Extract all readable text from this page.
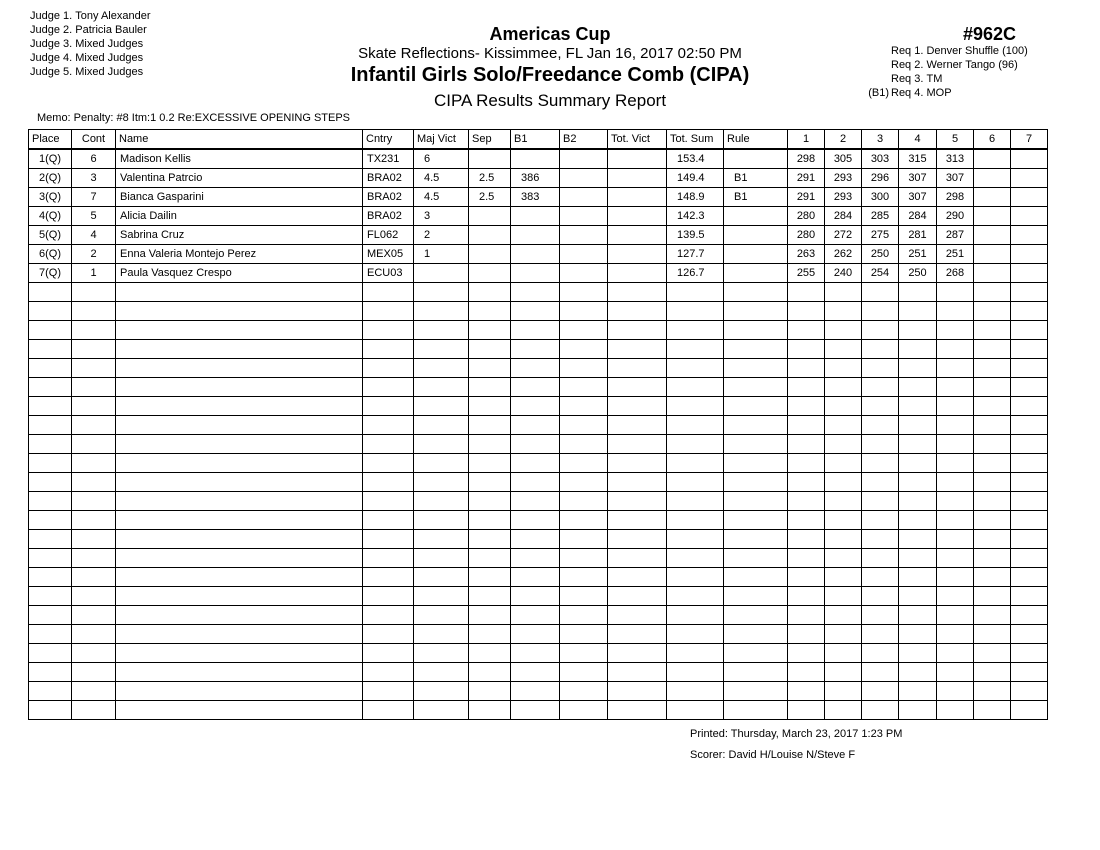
Judge 1. Tony Alexander
Judge 2. Patricia Bauler
Judge 3. Mixed Judges
Judge 4. Mixed Judges
Judge 5. Mixed Judges
Americas Cup
Skate Reflections- Kissimmee, FL Jan 16, 2017 02:50 PM
Infantil Girls Solo/Freedance Comb (CIPA)
CIPA Results Summary Report
#962C
Req 1. Denver Shuffle (100)
Req 2. Werner Tango (96)
Req 3. TM
(B1) Req 4. MOP
Memo: Penalty: #8 Itm:1 0.2 Re:EXCESSIVE OPENING STEPS
Place	Cont	Name	Cntry	Maj Vict	Sep	B1	B2	Tot. Vict	Tot. Sum	Rule	1	2	3	4	5	6	7
1(Q)	6	Madison Kellis	TX231	6					153.4		298	305	303	315	313		
2(Q)	3	Valentina Patrcio	BRA02	4.5	2.5	386			149.4	B1	291	293	296	307	307		
3(Q)	7	Bianca Gasparini	BRA02	4.5	2.5	383			148.9	B1	291	293	300	307	298		
4(Q)	5	Alicia Dailin	BRA02	3					142.3		280	284	285	284	290		
5(Q)	4	Sabrina Cruz	FL062	2					139.5		280	272	275	281	287		
6(Q)	2	Enna Valeria Montejo Perez	MEX05	1					127.7		263	262	250	251	251		
7(Q)	1	Paula Vasquez Crespo	ECU03						126.7		255	240	254	250	268		

Printed: Thursday, March 23, 2017 1:23 PM
Scorer: David H/Louise N/Steve F
